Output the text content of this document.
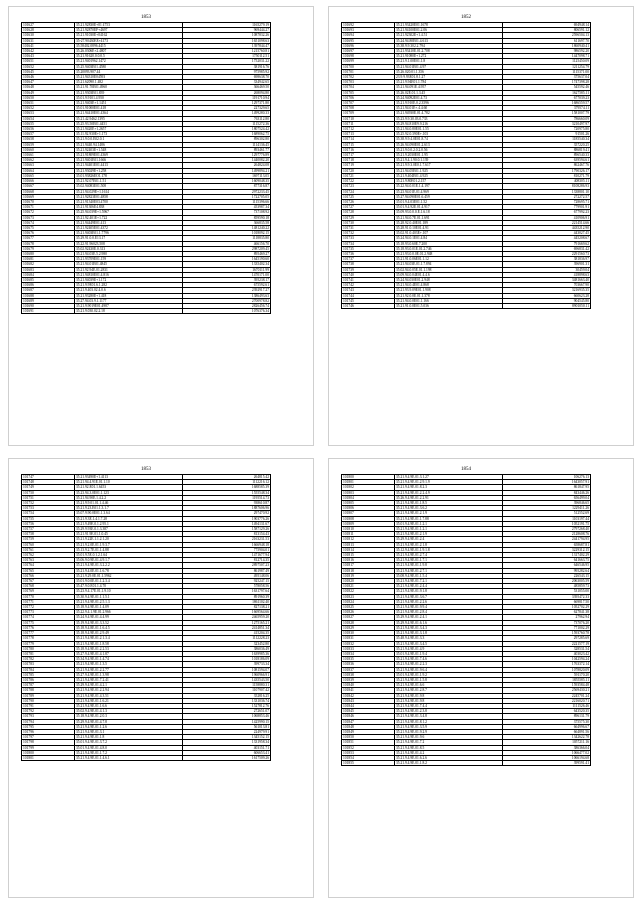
1853
101627	35.21.92830E+01 4753	1165279.19
101628	35.21.92870EF+4697	969444.27
101630	35.21.91030E+04162	1087832.26
101631	35-27.90430EE+4173	1651098.63
101641	35.58402.0896.4415	1397844.47
101642	35.26.0306E+2.4807	1215760.81
101643	35.21.91620.0.0.0.5	1750112.51
101651	35.21.9401962.1472	1752031.22
101652	35.25.9403E01.4580	381916.76
101645	35.20093.907.44	975985.92
101646	35.21.94310E04593	698638.70
101647	35.21.62090.1.482	334942.65
101648	35.21.91.70E01.4960	366469.50
101649	35.21.9303E01.839	268094.80
101650	35.01.9.9101.4.950	1191710.94
101651	35.21.9403E+1.1451	1297371.80
101652	35.01.91000E01.418	227329.65
101653	35.21.94410E01.4364	1499280.33
101654	35.21.42.9462.1395	763112.80
101655	35.25.93.50E01.4451	1115272.36
101656	35.21.9420E+1.2657	1807524.42
101657	35.11.92.930E+1.173	1689062.75
101658	35.21.9.0.0.E02.0.1	896302.80
101659	35.21.9440.94.1486	1114136.45
101660	35.21.92403E+1.548	893461.77
101661	35.21.91809E01.4369	1297776.89
101662	35.21.9401E01.1666	1440082.20
101663	35.21.94401E01.4413	264824.08
101664	35.21.93029E+1.258	1499894.21
101665	35.01.93826EO1.178	1697113.05
101666	35.21.92.07E01.1.51	1609048.35
101667	35.02.94083E01.508	877316.87
101668	35.21.94.029E+1.1614	2972233.45
101669	35.21.92823E01.4858	1722705.05
101670	35.21.91340E03.4700	1115396.66
101671	35.21.91306E4.838	453987.34
101672	35.25.94.039E+1.5967	737108.92
101673	35.21.92.401E+1.722	859590.18
101674	35.21.94449E01.413	366835.58
101675	35.21.92405E01.4372	1481240.22
101676	35.21.9403E01.1.7796	1018092.15
101677	35.29.91.0.0.E13.17	1118835.80
101678	35.22.91.96023.508	466156.70
101679	35.02.92430E.0.313	2987209.45
101680	35.21.94.03E.5.2.980	895469.27
101681	35.21.93709E01.159	1645190.60
101682	35.21.94.01E01.4845	1335402.34
101683	35.21.92.94E.01.2831	1670111.99
101684	35.21.94810E01.4.816	1470171.00
101685	35.21.94039E+1.172	395238.17
101686	35.21.9.9E01.6.1.282	675592.61
101687	35.21.9.403.02.4.0.6	2392917.27
101688	35.21.93280E+1.418	1386493.63
101689	35.27.94.03.9.1.1177	2700978.82
101690	35.21.9.9019E01.4987	2826456.74
101691	35.21.9.030.02.2.18	1076376.34
1852
101692	35.21.93420E01.1678	694948.14
101693	35.21.94100E01.2.06	806591.12
101694	35.21.92302E+1.4.51	2596504.13
101695	35.24.94.80E01.4.613	611697.70
101696	35.38.9.9.302.2.794	1860940.41
101697	35.21.93410E.01.2.708	986592.20
101698	35.21.91080E+1.272	1447098.71
101699	35.21.9.1.00E01.1.8	1125450.09
101700	35.21.94.01E01.4.97	1211254.79
101701	35.26.020.01.1.356	1115371.00
101702	23.9.9.93E01.8.1.27	375637.04
101703	35.21.9.94E01.1.784	1747398.28
101704	35.21.94.091E.4.957	545592.46
101705	35.26.02E.01.1.3.45	1627585.11
101706	35.24.94092E01.4.73	677039.23
101707	35.21.9.910E.0.2.3596	1686559.57
101708	35.21.94.01E+.4.4.60	379574.11
101709	35.21.94930E.01.4.782	1581007.79
101710	35.23.9.9.30.03.0.733	786660.09
101711	35.29.94.810E9.9.216	3210497.97
101712	35.21.94.0.80E01.1.55	720975.80
101713	35.25.92.0.390E+.103	91501.26
101714	35.38.9.9.4.0E01.8.74	1185540.34
101715	35.26.94.090E01.2.613	357220.25
101716	35.21.9.0.0.2.0.2.0.56	886819.41
101717	35.21.9.2030E01.1.95	896540.33
101718	35.21.9.4.1.90.0.1.139	639594.61
101719	35.21.9.9.3.0E0.1.7.617	862467.76
101720	35.21.94.05E01.1.925	1790326.17
101721	35.21.9.404E01.4.925	810271.79
101722	35.21.9.80E01.2.157	408305.11
101723	35.22.94.0.01E.1.4.197	8108286.93
101724	35.23.94.01E.01.4.969	1338801.10
101725	35.27.94.090E01.6.459	272272.57
101726	35.01.9.4.03E01.1.52	728695.71
101727	35.01.9.4.92E.01.4.917	779901.91
101728	35.09.93.0.0.0.E.1.6.18	677992.23
101729	35.21.94.0.7E.01.1.691	410906.91
101730	35.28.92.0.40E01.189	2214514.66
101731	35.28.91.0.10E01.4.91	4435212.90
101732	35.02.91.0.403E+.107	443027.45
101733	35.24.94.0.1E01.4.84	445208.67
101734	35.18.93.0.60E.7.200	791669.62
101735	35.18.93.0.01E.01.2.746	696831.42
101736	35.21.93.0.0.0E.01.2.948	2291560.73
101737	35.21.91.0.06E01.1.12	381836.97
101738	35.21.94.03E.01.1.7.894	396901.31
101739	35.02.94.0.05E.01.1.198	30459.04
101740	35.09.94.0.04E01.4.4.6	418898.63
101741	35.24.94.030E01.2.948	3481663.40
101742	35.21.94.0.4E01.4.868	703667.90
101743	35.21.93.9.09E01.1.908	3216935.35
101744	35.21.92.0.0E.01.1.378	660623.28
101745	35.21.94.0.0E01.1.166	904545.80
101746	35.21.91.0.0E01.5.036	8901050.11
1853
101747	35.21.93490E+1.4113	264815.42
101748	35.21.94.4.91E.01.1.10	1112216.12
101749	35.21.92.E01.1.6453	1688585.39
101750	35.23.94.3.0E01.1.123	1555548.34
101751	35.21.94.90E.1.4.2.2	1195514.73
101752	35.21.9.9.01.01.1.4.46	938610.87
101753	35.21.9.23.E01.1.3.1.7	1887606.96
101754	35.07.9.90.0E01.1.3.64	297470.92
101755	35.21.9.3E.1.4.1.7.28	1903776.26
101756	35.21.9.49E.0.1.2.95.1	1494131.67
101757	35.29.9.93E.0.1.3.387	1587129.26
101758	35.21.91.9E.01.1.0.45	813154.43
101759	35.21.9.22E.1.1.2.1.20	2163231.53
101760	35.21.9.2.0E.01.1.9.3.7	1666948.18
101761	35.13.9.2.7E.01.1.4.88	775904.01
101762	35.01.9.5E.0.1.2.1.64	1471677.94
101763	35.06.9.0.9E.01.4.9.1.7	812714.35
101764	35.21.9.4.9E.01.3.2.2.2	2897507.23
101765	35.21.9.4.0E.01.1.6.78	861987.49
101766	35.21.9.29.0E.01.1.5962	495148.06
101767	35.01.9.0.0E.01.1.2.3.4	925247.15
101768	35.47.9.0.E01.1.4.70	578058.56
101769	35.23.9.4.17E.01.1.9.10	1631797.64
101770	35.30.9.4.9E.01.1.1.5.1	891960.39
101771	35.21.9.4.9E.01.2.5.1.3	1861102.40
101772	35.18.9.4.9E.01.1.4.09	827138.21
101773	35.22.9.4.1.9E.01.2.966	1669564.66
101774	35.24.9.4.9E.01.4.4.99	2465959.20
101775	35.19.9.4.9E.01.3.3.52	1275165.21
101776	35.18.9.4.8E.01.1.6.4.5	2414851.34
101777	35.18.9.4.9E.01.2.9.49	415204.35
101778	35.21.9.4.9E.01.2.1.3.4	1112228.23
101779	35.21.9.4.9E.01.1.8.58	323452.80
101780	35.18.9.4.9E.01.2.2.53	386036.49
101781	35.27.9.4.9E.01.4.1.87	1639985.36
101782	35.34.9.4.9E.01.1.4.74	1018186.09
101783	35.21.9.4.9E.01.1.3.5	399733.34
101784	35.21.9.4.9E.01.2.2.77	1081594.07
101785	35.27.9.4.9E.01.1.3.98	1960966.91
101786	35.21.9.4.9E.01.7.2.41	1435543.50
101787	35.29.9.4.9E.01.4.2.1	1158880.31
101788	35.21.9.4.9E.01.2.2.94	1107907.42
101789	35.21.9.4.9E.01.4.3.51	352816.25
101790	35.21.9.4.9E.01.1.6.21	1331036.74
101791	35.21.9.4.9E.01.1.6.6	1527812.76
101792	35.02.9.4.9E.01.4.1.3	272651.07
101793	35.18.9.4.9E.01.2.0.3	1068853.46
101794	35.29.9.4.9E.01.4.7.8	1425990.15
101795	35.21.9.4.9E.01.1.2.6	561013.81
101796	35.21.9.4.9E.01.3.1	224979.91
101797	35.21.9.4.9E.01.1.8	1345152.15
101798	35.01.9.4.9E.01.3.7.2	1331958.34
101799	35.01.9.4.9E.01.4.8.0	403151.71
101800	35.21.9.4.9E.01.1.7.2	606653.41
101801	35.21.9.4.9E.01.1.4.6.1	1617509.26
1854
101800	35.21.9.4.9E.01.3.1.27	106276.13
101801	35.21.9.4.9E.01.2.9.1.9	1643057.91
101802	35.21.9.4.9E.01.8.2.3	861847.95
101803	35.21.9.4.9E.01.2.2.4.9	843446.26
101804	35.26.9.4.9E.01.2.2.91	656499.04
101805	35.21.9.4.9E.01.1.8.5	396846.65
101806	35.21.9.4.9E.01.3.6.2	1229411.26
101807	35.21.9.4.9E.01.2.1.9	512552.69
101808	35.21.9.4.9E.01.1.7.88	1103197.44
101809	35.01.9.4.9E.01.1.2.1	1052191.75
101810	35.21.9.4.9E.01.1.2.1	2797268.40
101811	35.21.9.4.9E.01.2.1.9	2128608.76
101812	35.29.9.4.9E.01.2.4	2441794.95
101813	35.21.9.4.9E.01.2.1.8	658687.81
101814	35.12.9.4.9E.01.1.9.1.8	3229312.15
101815	35.21.9.4.9E.01.2.7.4	1317402.29
101816	35.21.9.4.9E.01.1.7.1	641663.75
101817	35.21.9.4.9E.01.1.9.8	646546.95
101818	35.21.9.4.9E.01.2.7.1	995282.64
101819	35.08.9.4.9E.01.1.5.4	226543.15
101820	35.21.9.4.9E.01.7.2.1	2063005.59
101821	35.21.9.4.9E.01.2.4.4	485859.73
101822	35.21.9.4.9E.01.9.1.8	531055.00
101823	35.21.9.4.9E.01.3.6.7	3395472.33
101824	35.21.9.4.9E.01.2.2.6	669817.50
101825	35.21.9.4.9E.01.9.9.4	1052702.29
101826	35.21.9.4.9E.01.2.8.4	627841.38
101827	35.29.9.4.9E.01.2.4.1	27962.94
101828	35.29.9.4.9E.01.6.1.6	737076.20
101829	35.21.9.4.9E.01.3.4.3	771002.29
101830	35.21.9.4.9E.01.3.1.8	1593760.78
101831	35.48.9.4.9E.01.3.3	297285.69
101832	35.21.9.4.9E.01.3.4.5	2221577.19
101833	35.21.9.4.9E.01.4.9	328531.54
101834	35.01.9.4.9E.01.1.9.4	403023.42
101835	35.21.9.4.9E.01.7.4.6	1042594.24
101836	35.21.9.4.9E.01.2.2.3	1763372.14
101837	35.21.9.4.9E.01.9.6.4	1078820.09
101838	35.01.9.4.9E.01.1.9.2	591170.20
101839	35.21.9.4.9E.01.1.5.8	1855585.11
101840	35.21.9.4.9E.01.6.6	1593584.48
101841	35.21.9.4.9E.01.2.8.7	2569430.21
101842	35.21.9.4.9E.01.9.8	2245701.24
101843	35.21.9.4.9E.01.9.8	2216020.71
101844	35.21.9.4.9E.01.7.4.4	1111526.46
101845	35.21.9.4.9E.01.2.3.8	643520.35
101846	35.21.9.4.9E.01.3.4.8	896131.79
101847	35.21.9.4.9E.01.8.1.2	375575.30
101848	35.21.9.4.9E.01.3.5.9	664996.67
101849	35.21.9.4.9E.01.9.2.9	664891.56
101850	35.21.9.4.9E.01.9.6	1342622.78
101851	35.21.9.4.9E.01.7.2	1057211.16
101852	35.21.9.4.9E.01.8.5	386366.04
101853	35.21.9.4.9E.01.4.2	1066477.02
101854	35.21.9.4.9E.01.6.2.6	1066194.68
101855	35.21.9.4.9E.01.1.8.2	399591.41
